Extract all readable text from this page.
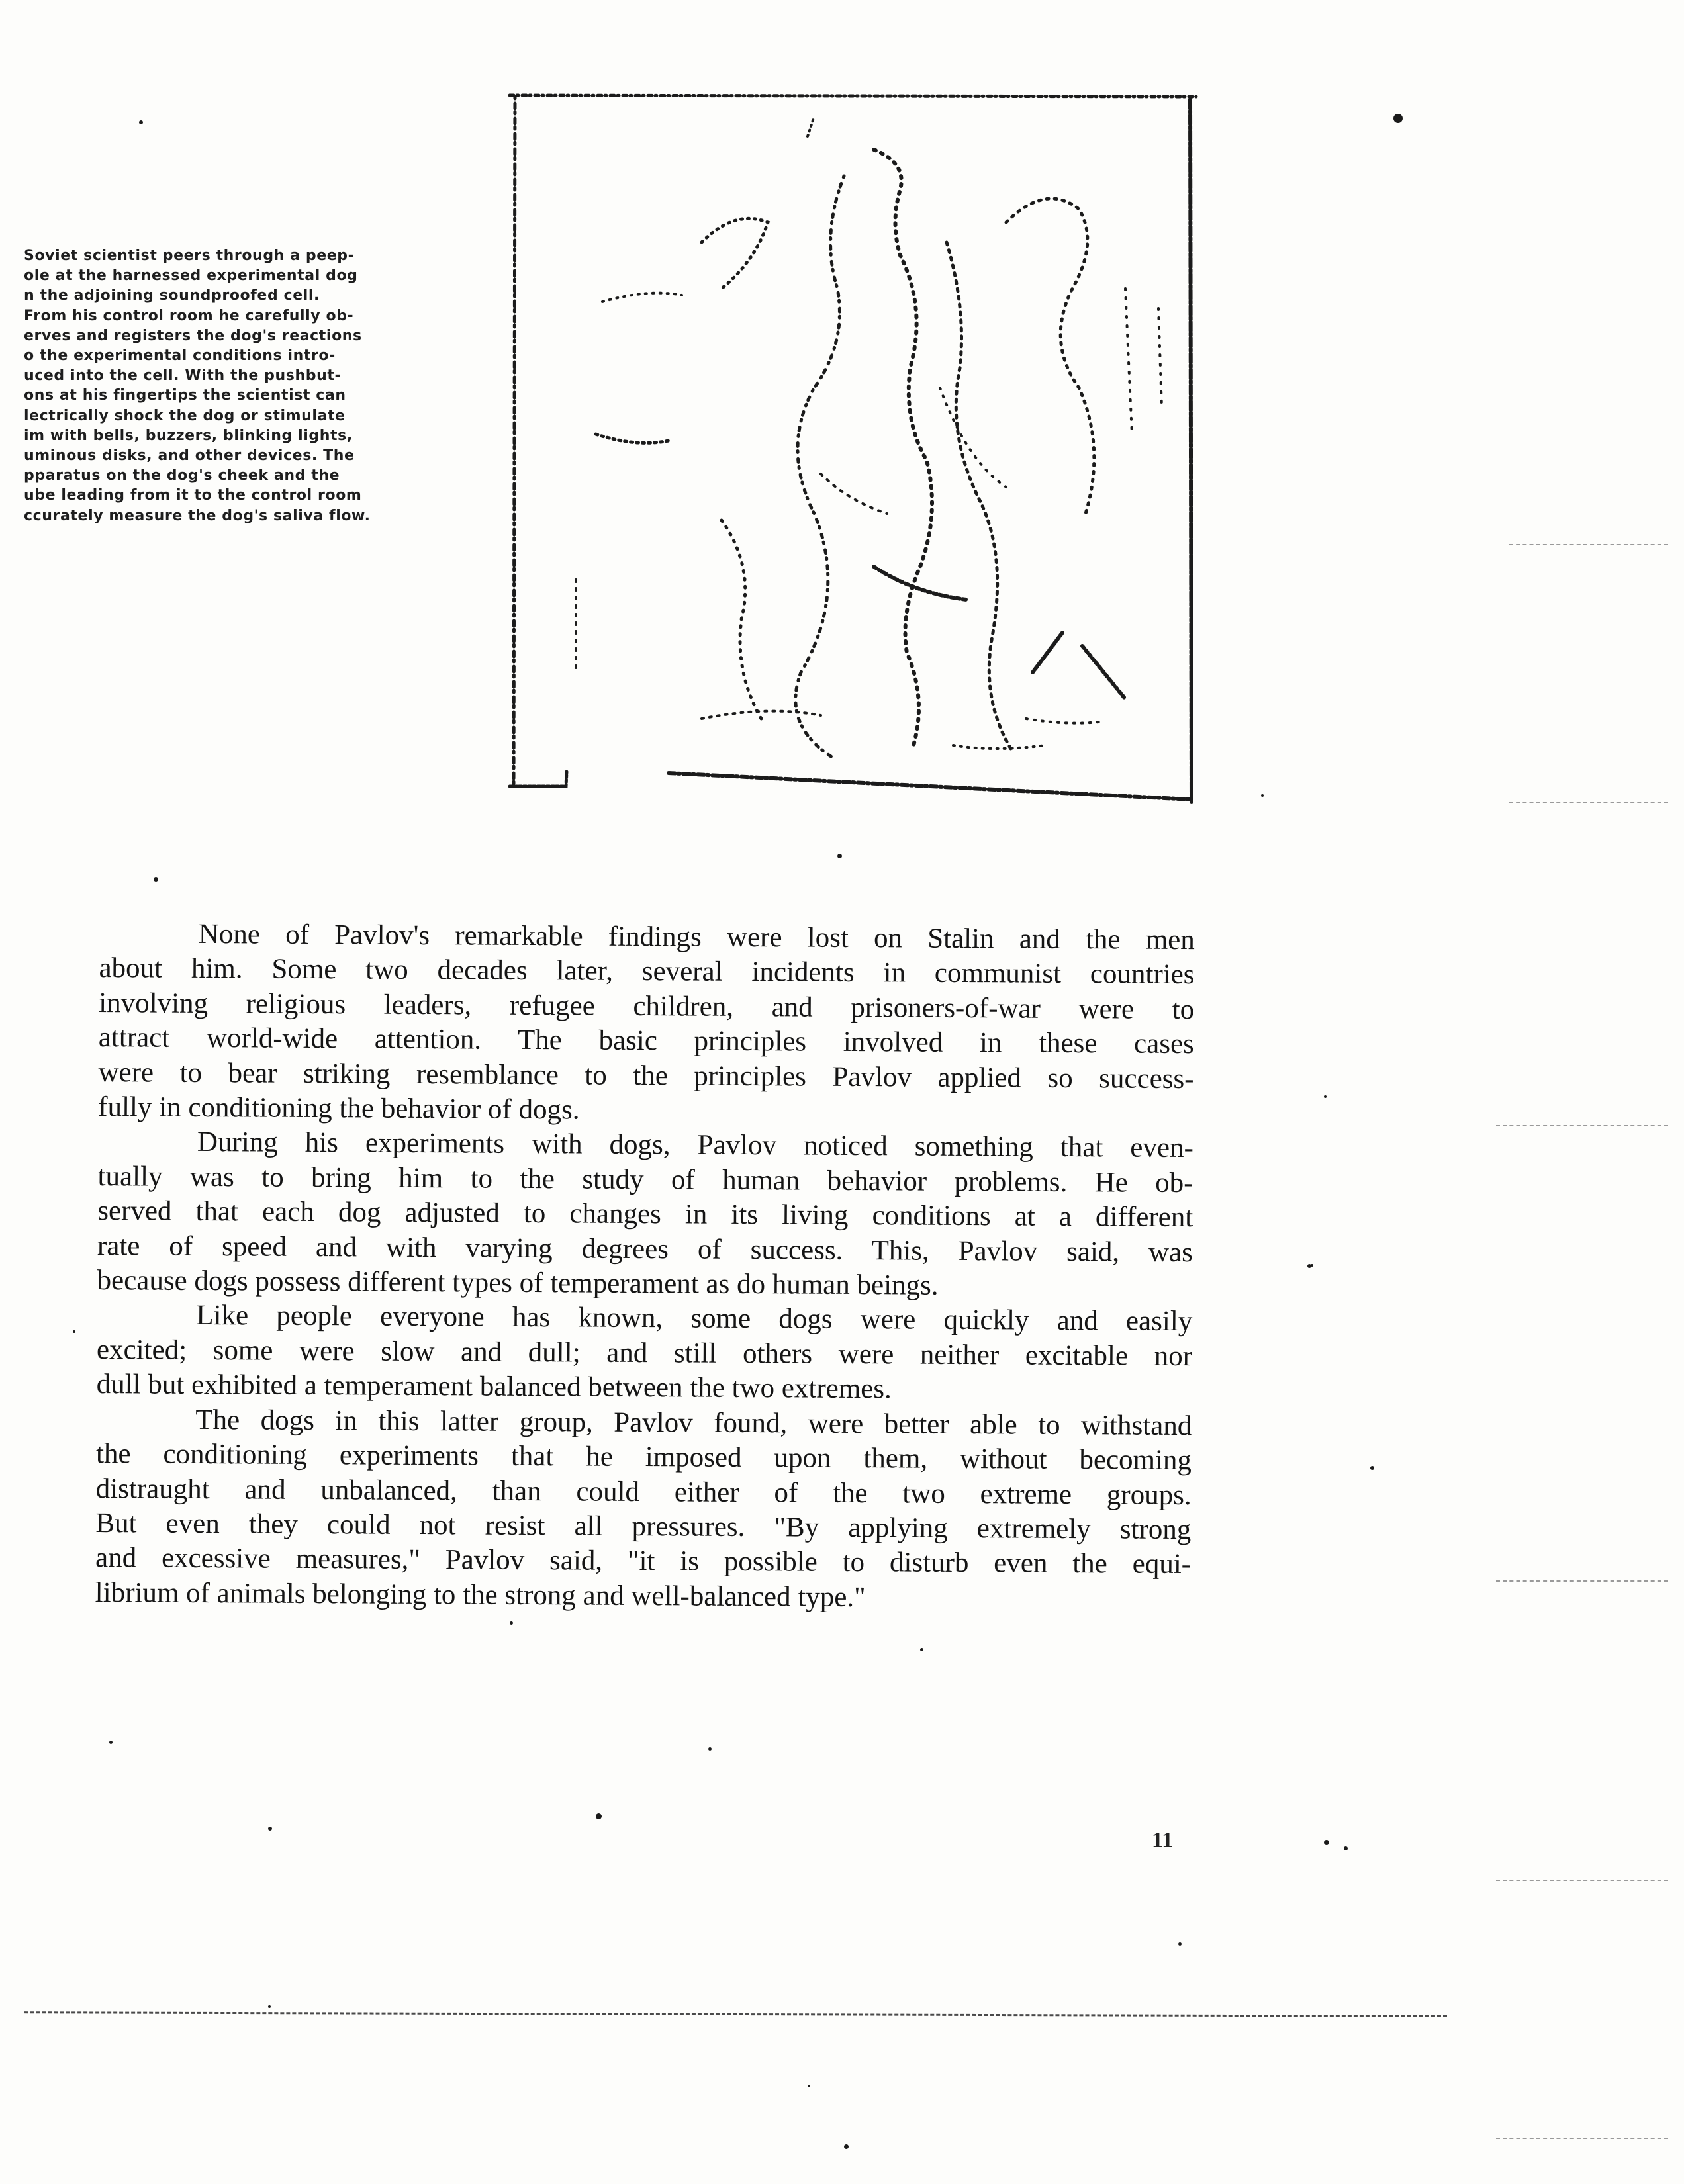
Soviet scientist peers through a peep-
ole at the harnessed experimental dog
n the adjoining soundproofed cell.
From his control room he carefully ob-
erves and registers the dog's reactions
o the experimental conditions intro-
uced into the cell. With the pushbut-
ons at his fingertips the scientist can
lectrically shock the dog or stimulate
im with bells, buzzers, blinking lights,
uminous disks, and other devices. The
pparatus on the dog's cheek and the
ube leading from it to the control room
ccurately measure the dog's saliva flow.

None of Pavlov's remarkable findings were lost on Stalin and the men
about him. Some two decades later, several incidents in communist countries
involving religious leaders, refugee children, and prisoners-of-war were to
attract world-wide attention. The basic principles involved in these cases
were to bear striking resemblance to the principles Pavlov applied so success-
fully in conditioning the behavior of dogs.

During his experiments with dogs, Pavlov noticed something that even-
tually was to bring him to the study of human behavior problems. He ob-
served that each dog adjusted to changes in its living conditions at a different
rate of speed and with varying degrees of success. This, Pavlov said, was
because dogs possess different types of temperament as do human beings.

Like people everyone has known, some dogs were quickly and easily
excited; some were slow and dull; and still others were neither excitable nor
dull but exhibited a temperament balanced between the two extremes.

The dogs in this latter group, Pavlov found, were better able to withstand
the conditioning experiments that he imposed upon them, without becoming
distraught and unbalanced, than could either of the two extreme groups.
But even they could not resist all pressures. "By applying extremely strong
and excessive measures," Pavlov said, "it is possible to disturb even the equi-
librium of animals belonging to the strong and well-balanced type."

11
